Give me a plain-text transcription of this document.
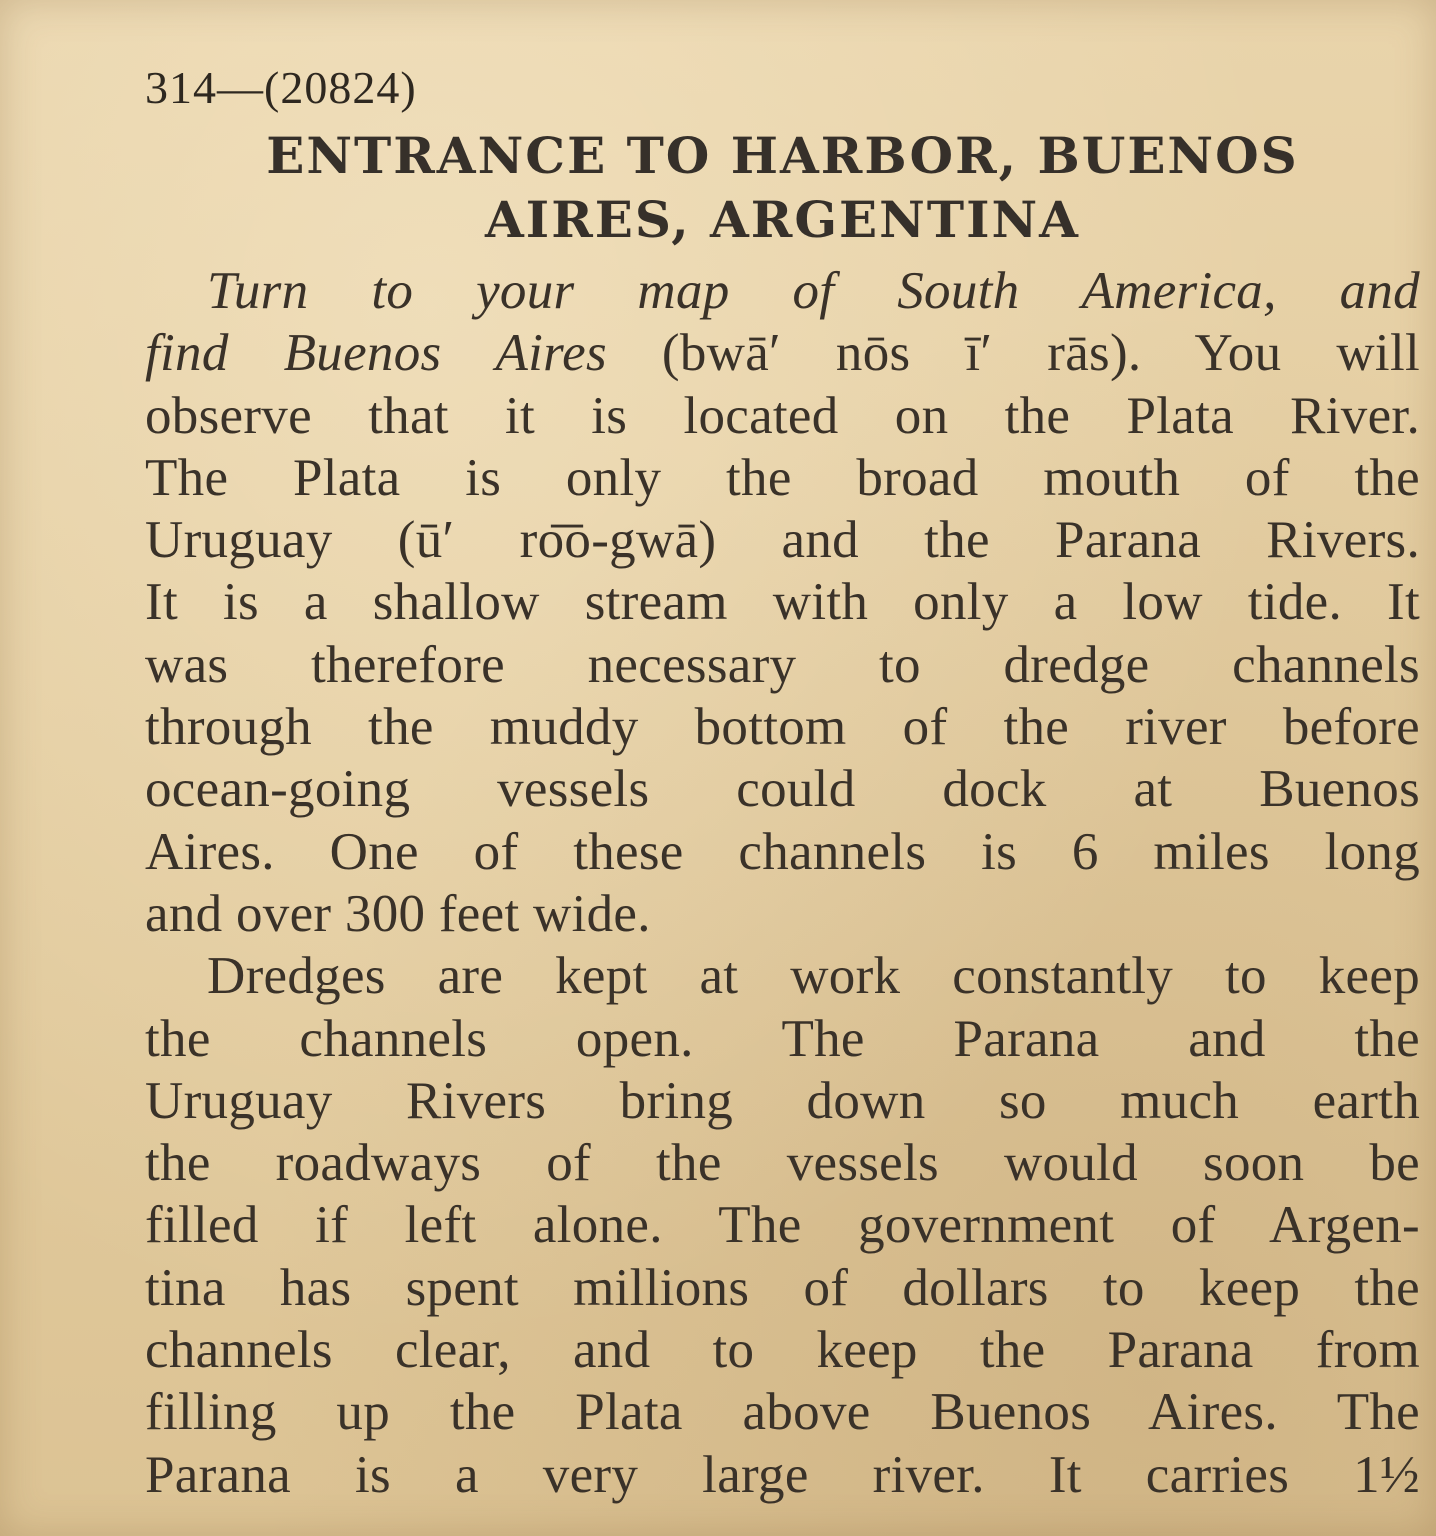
314—(20824)
ENTRANCE TO HARBOR, BUENOS
AIRES, ARGENTINA
Turn to your map of South America, and
find Buenos Aires (bwā′ nōs ī′ rās). You will
observe that it is located on the Plata River.
The Plata is only the broad mouth of the
Uruguay (ū′ ro͞o-gwā) and the Parana Rivers.
It is a shallow stream with only a low tide. It
was therefore necessary to dredge channels
through the muddy bottom of the river before
ocean-going vessels could dock at Buenos
Aires. One of these channels is 6 miles long
and over 300 feet wide.
Dredges are kept at work constantly to keep
the channels open. The Parana and the
Uruguay Rivers bring down so much earth
the roadways of the vessels would soon be
filled if left alone. The government of Argen-
tina has spent millions of dollars to keep the
channels clear, and to keep the Parana from
filling up the Plata above Buenos Aires. The
Parana is a very large river. It carries 1½
